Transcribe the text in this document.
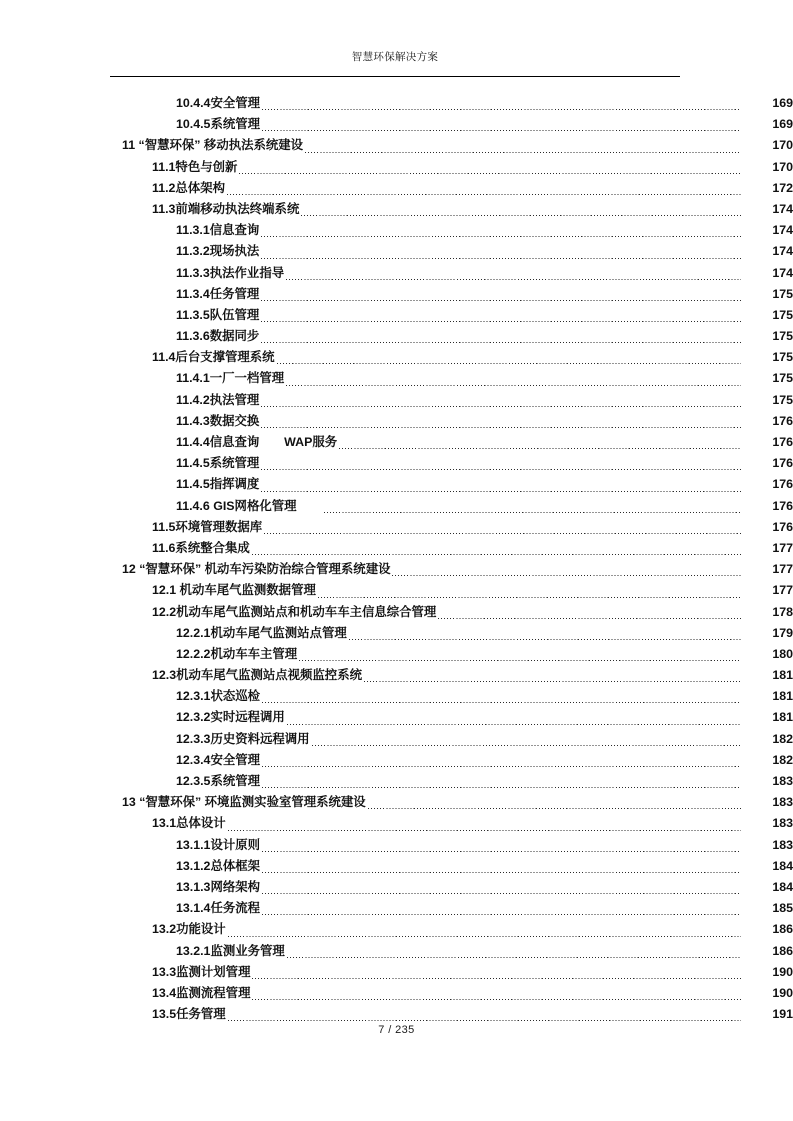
智慧环保解决方案
10.4.4安全管理	169
10.4.5系统管理	169
11 “智慧环保” 移动执法系统建设	170
11.1特色与创新	170
11.2总体架构	172
11.3前端移动执法终端系统	174
11.3.1信息查询	174
11.3.2现场执法	174
11.3.3执法作业指导	174
11.3.4任务管理	175
11.3.5队伍管理	175
11.3.6数据同步	175
11.4后台支撑管理系统	175
11.4.1一厂一档管理	175
11.4.2执法管理	175
11.4.3数据交换	176
11.4.4信息查询　　WAP服务	176
11.4.5系统管理	176
11.4.5指挥调度	176
11.4.6 GIS网格化管理	176
11.5环境管理数据库	176
11.6系统整合集成	177
12 “智慧环保” 机动车污染防治综合管理系统建设	177
12.1 机动车尾气监测数据管理	177
12.2机动车尾气监测站点和机动车车主信息综合管理	178
12.2.1机动车尾气监测站点管理	179
12.2.2机动车车主管理	180
12.3机动车尾气监测站点视频监控系统	181
12.3.1状态巡检	181
12.3.2实时远程调用	181
12.3.3历史资料远程调用	182
12.3.4安全管理	182
12.3.5系统管理	183
13 “智慧环保” 环境监测实验室管理系统建设	183
13.1总体设计	183
13.1.1设计原则	183
13.1.2总体框架	184
13.1.3网络架构	184
13.1.4任务流程	185
13.2功能设计	186
13.2.1监测业务管理	186
13.3监测计划管理	190
13.4监测流程管理	190
13.5任务管理	191
7 / 235
